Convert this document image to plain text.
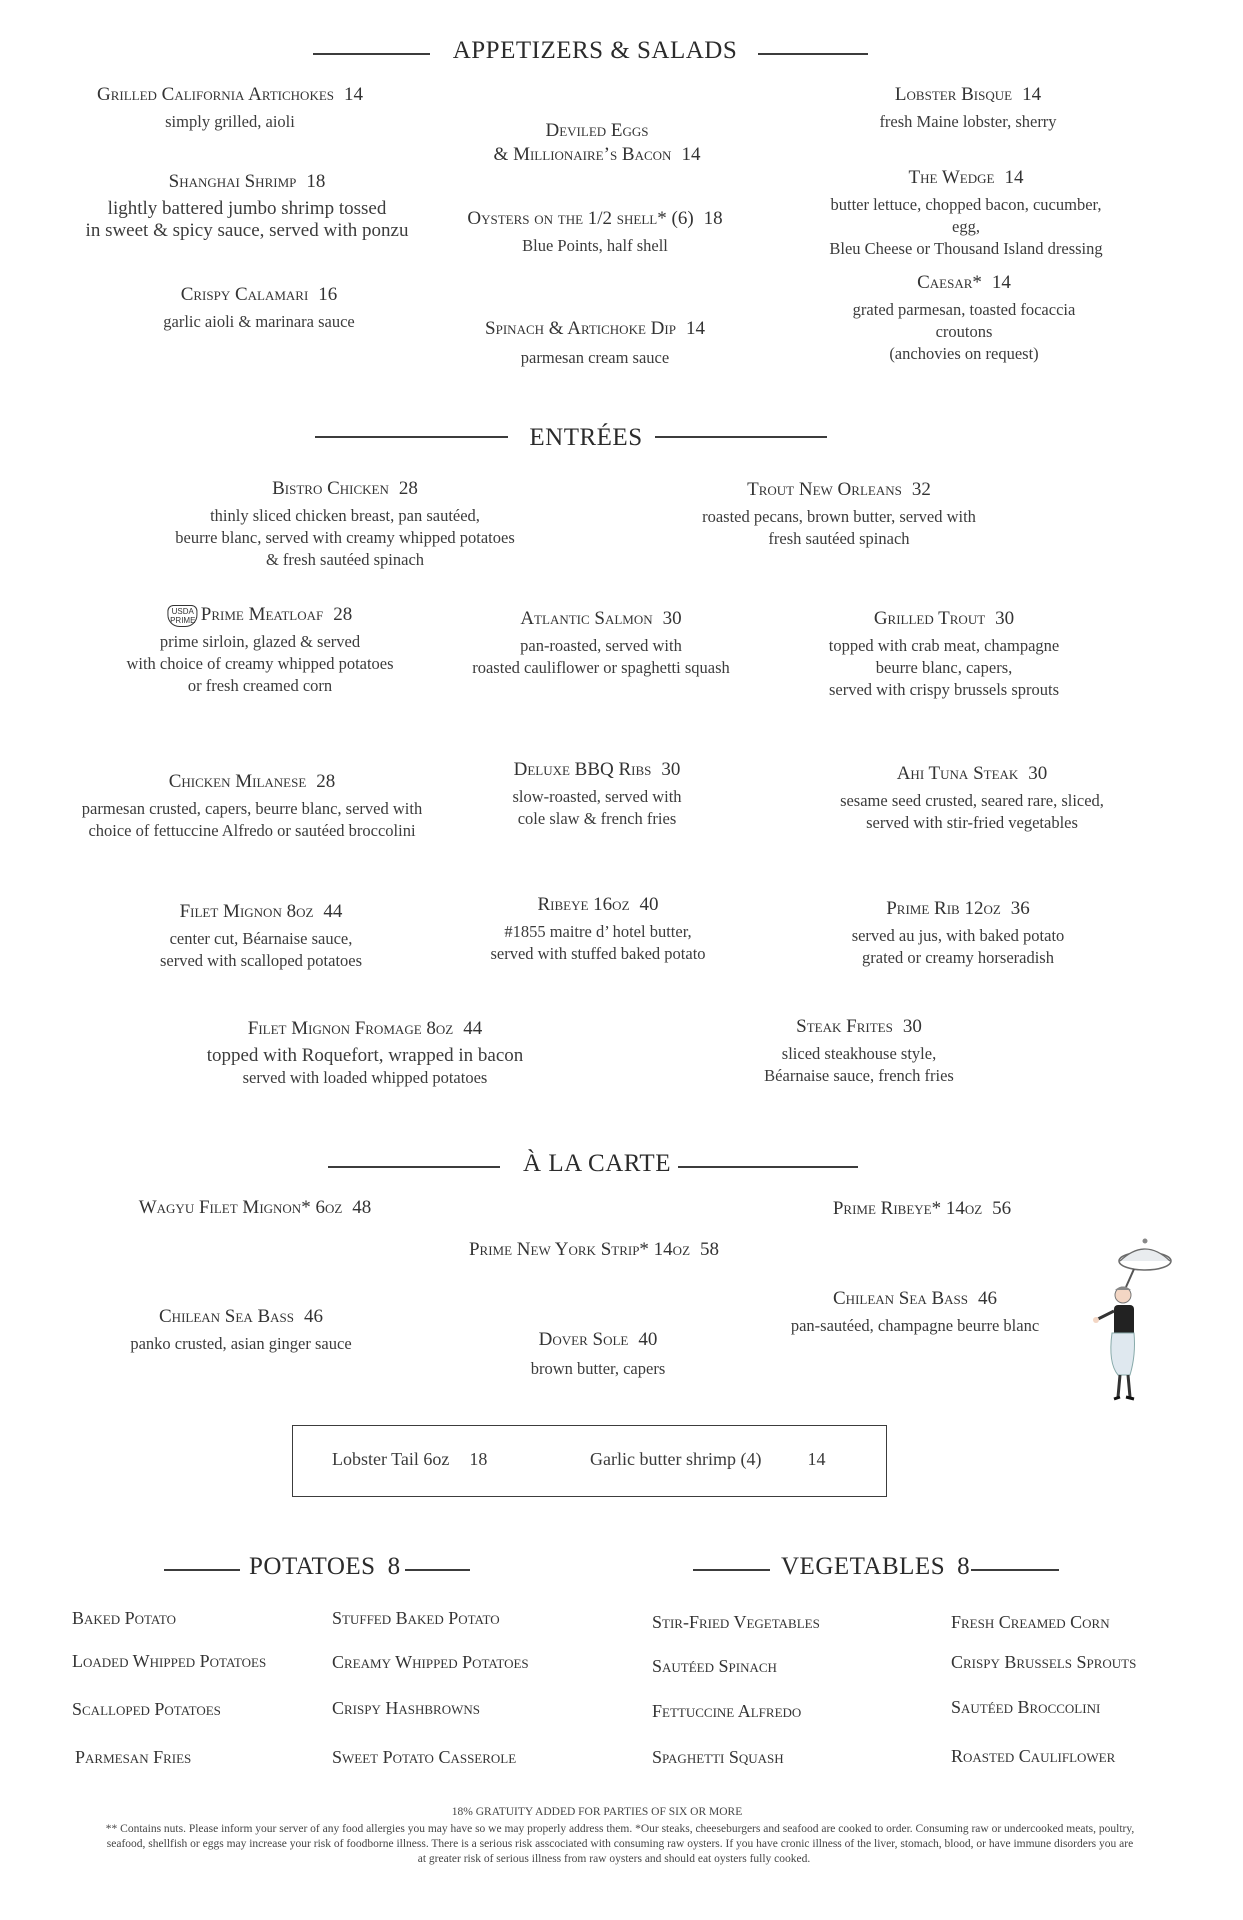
APPETIZERS & SALADS
Grilled California Artichokes 14
simply grilled, aioli
Shanghai Shrimp 18
lightly battered jumbo shrimp tossed
in sweet & spicy sauce, served with ponzu
Crispy Calamari 16
garlic aioli & marinara sauce
Deviled Eggs
& Millionaire’s Bacon 14
Oysters on the 1/2 shell* (6) 18
Blue Points, half shell
Spinach & Artichoke Dip 14
parmesan cream sauce
Lobster Bisque 14
fresh Maine lobster, sherry
The Wedge 14
butter lettuce, chopped bacon, cucumber, egg,
Bleu Cheese or Thousand Island dressing
Caesar* 14
grated parmesan, toasted focaccia croutons
(anchovies on request)
ENTRÉES
Bistro Chicken 28
thinly sliced chicken breast, pan sautéed,
beurre blanc, served with creamy whipped potatoes
& fresh sautéed spinach
Trout New Orleans 32
roasted pecans, brown butter, served with
fresh sautéed spinach
USDA
PRIME Prime Meatloaf 28
prime sirloin, glazed & served
with choice of creamy whipped potatoes
or fresh creamed corn
Atlantic Salmon 30
pan-roasted, served with
roasted cauliflower or spaghetti squash
Grilled Trout 30
topped with crab meat, champagne
beurre blanc, capers,
served with crispy brussels sprouts
Chicken Milanese 28
parmesan crusted, capers, beurre blanc, served with
choice of fettuccine Alfredo or sautéed broccolini
Deluxe BBQ Ribs 30
slow-roasted, served with
cole slaw & french fries
Ahi Tuna Steak 30
sesame seed crusted, seared rare, sliced,
served with stir-fried vegetables
Filet Mignon 8oz 44
center cut, Béarnaise sauce,
served with scalloped potatoes
Ribeye 16oz 40
#1855 maitre d’ hotel butter,
served with stuffed baked potato
Prime Rib 12oz 36
served au jus, with baked potato
grated or creamy horseradish
Filet Mignon Fromage 8oz 44
topped with Roquefort, wrapped in bacon
served with loaded whipped potatoes
Steak Frites 30
sliced steakhouse style,
Béarnaise sauce, french fries
À LA CARTE
Wagyu Filet Mignon* 6oz 48
Prime New York Strip* 14oz 58
Prime Ribeye* 14oz 56
Chilean Sea Bass 46
panko crusted, asian ginger sauce	Dover Sole 40
brown butter, capers
Chilean Sea Bass 46
pan-sautéed, champagne beurre blanc
Lobster Tail 6oz 18	Garlic butter shrimp (4)	14
POTATOES 8
Baked Potato
Loaded Whipped Potatoes
Scalloped Potatoes
Parmesan Fries
Stuffed Baked Potato
Creamy Whipped Potatoes
Crispy Hashbrowns
Sweet Potato Casserole
VEGETABLES 8
Stir-Fried Vegetables
Sautéed Spinach
Fettuccine Alfredo
Spaghetti Squash
Fresh Creamed Corn
Crispy Brussels Sprouts
Sautéed Broccolini
Roasted Cauliflower
18% GRATUITY ADDED FOR PARTIES OF SIX OR MORE
** Contains nuts. Please inform your server of any food allergies you may have so we may properly address them. *Our steaks, cheeseburgers and seafood are cooked to order. Consuming raw or undercooked meats, poultry,
seafood, shellfish or eggs may increase your risk of foodborne illness. There is a serious risk asscociated with consuming raw oysters. If you have cronic illness of the liver, stomach, blood, or have immune disorders you are
at greater risk of serious illness from raw oysters and should eat oysters fully cooked.
